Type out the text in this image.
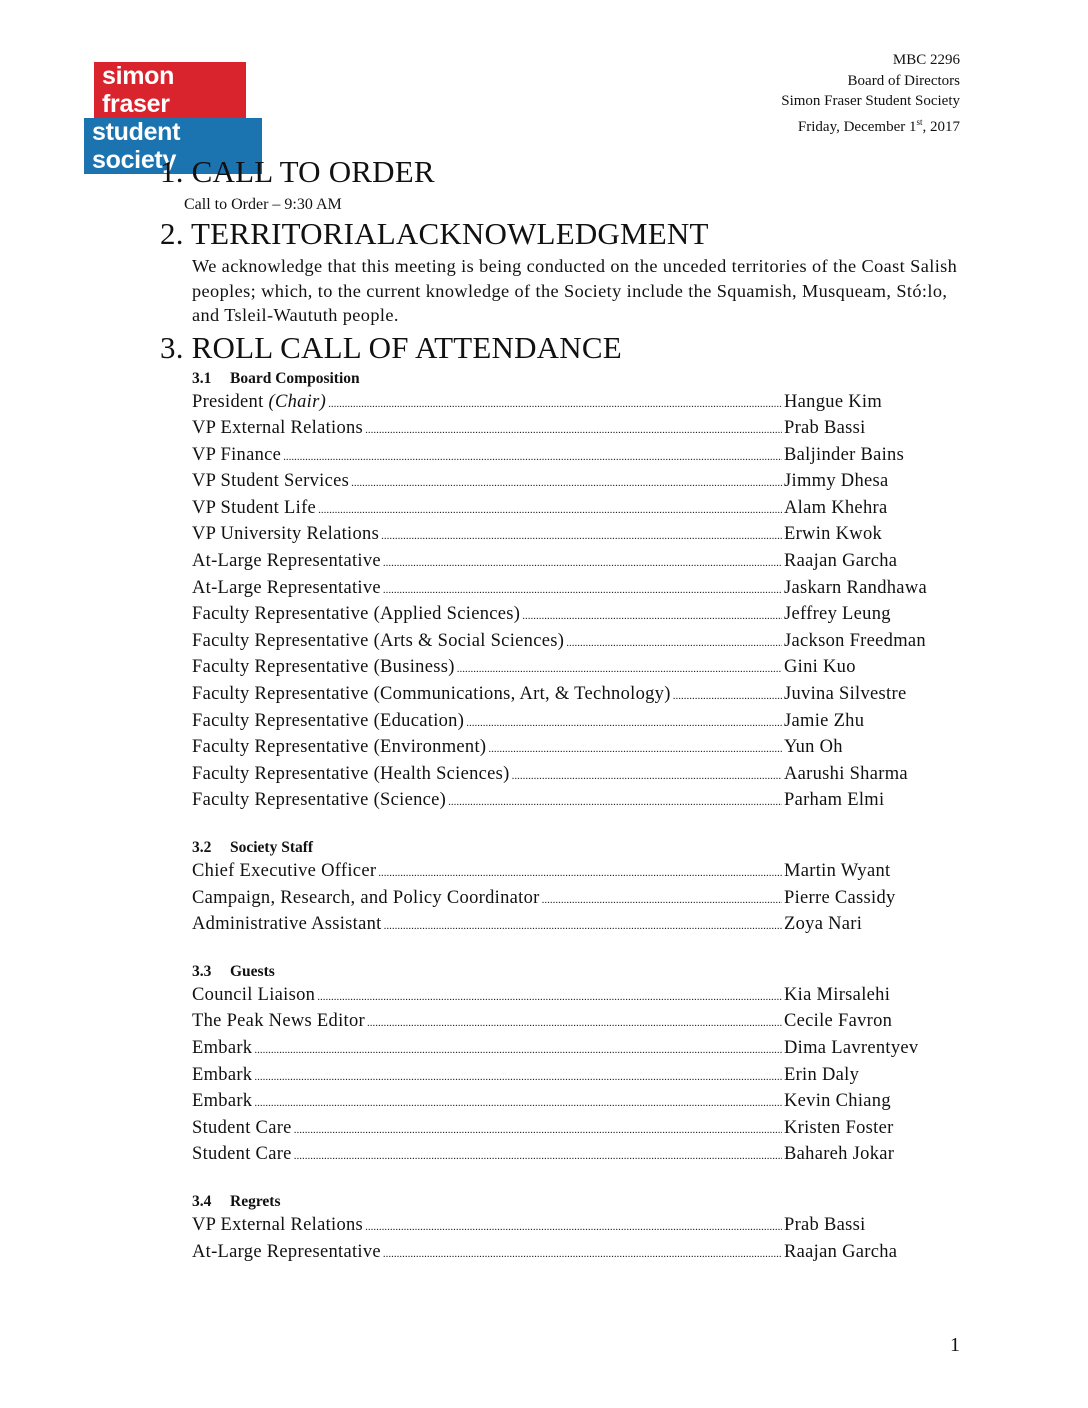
simon fraser
student society
MBC 2296
Board of Directors
Simon Fraser Student Society
Friday, December 1st, 2017
1. CALL TO ORDER
Call to Order – 9:30 AM
2. TERRITORIALACKNOWLEDGMENT

We acknowledge that this meeting is being conducted on the unceded territories of the Coast Salish peoples; which, to the current knowledge of the Society include the Squamish, Musqueam, Stó:lo, and Tsleil-Waututh people.

3. ROLL CALL OF ATTENDANCE
3.1 Board Composition
President (Chair) .....	Hangue Kim
VP External Relations .....	Prab Bassi
VP Finance .....	Baljinder Bains
VP Student Services .....	Jimmy Dhesa
VP Student Life .....	Alam Khehra
VP University Relations .....	Erwin Kwok
At-Large Representative .....	Raajan Garcha
At-Large Representative .....	Jaskarn Randhawa
Faculty Representative (Applied Sciences) .....	Jeffrey Leung
Faculty Representative (Arts & Social Sciences) .....	Jackson Freedman
Faculty Representative (Business) .....	Gini Kuo
Faculty Representative (Communications, Art, & Technology) .....	Juvina Silvestre
Faculty Representative (Education) .....	Jamie Zhu
Faculty Representative (Environment) .....	Yun Oh
Faculty Representative (Health Sciences) .....	Aarushi Sharma
Faculty Representative (Science) .....	Parham Elmi
3.2 Society Staff
Chief Executive Officer .....	Martin Wyant
Campaign, Research, and Policy Coordinator .....	Pierre Cassidy
Administrative Assistant .....	Zoya Nari
3.3 Guests
Council Liaison .....	Kia Mirsalehi
The Peak News Editor .....	Cecile Favron
Embark .....	Dima Lavrentyev
Embark .....	Erin Daly
Embark .....	Kevin Chiang
Student Care .....	Kristen Foster
Student Care .....	Bahareh Jokar
3.4 Regrets
VP External Relations .....	Prab Bassi
At-Large Representative .....	Raajan Garcha
1
